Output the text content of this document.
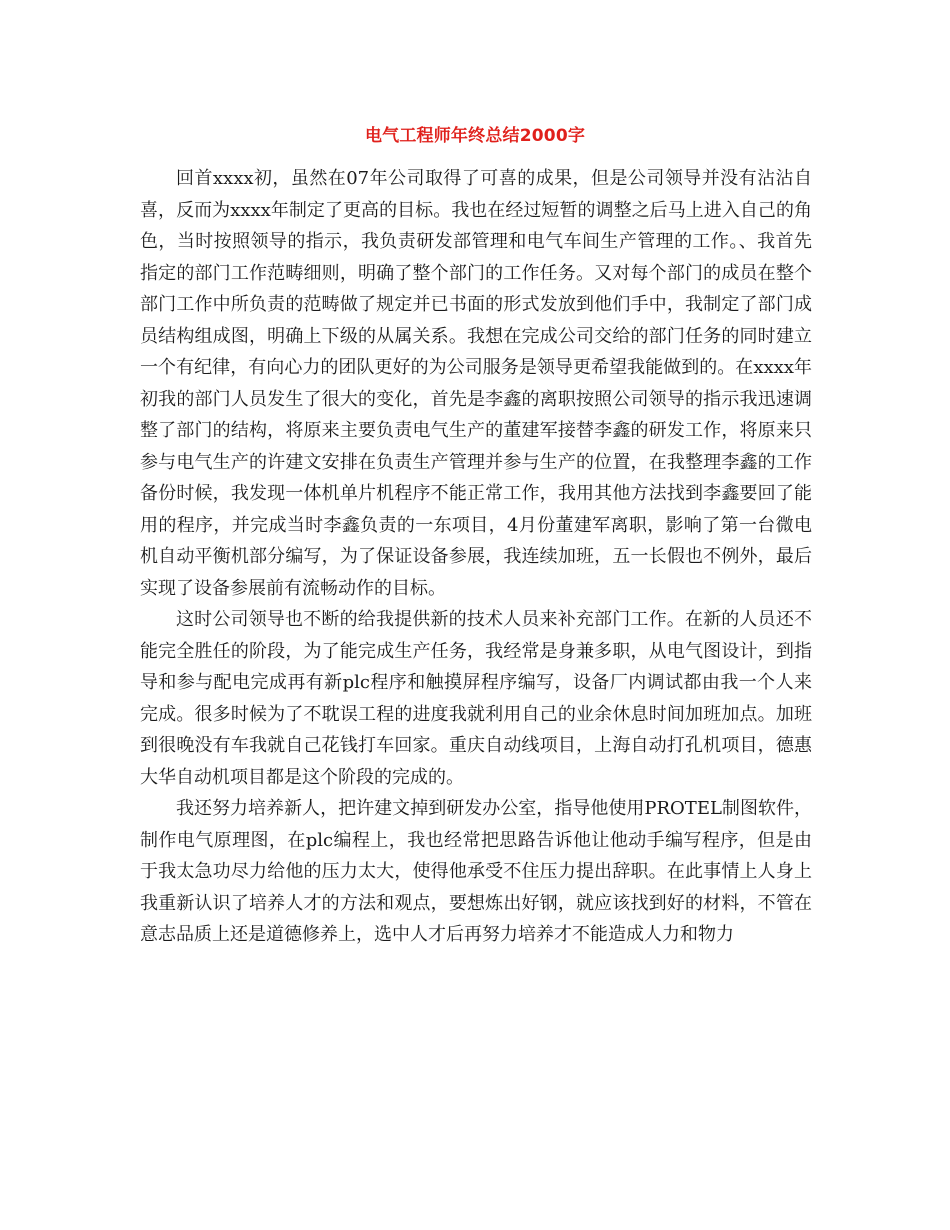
电气工程师年终总结2000字

回首xxxx初，虽然在07年公司取得了可喜的成果，但是公司领导并没有沾沾自喜，反而为xxxx年制定了更高的目标。我也在经过短暂的调整之后马上进入自己的角色，当时按照领导的指示，我负责研发部管理和电气车间生产管理的工作。、我首先指定的部门工作范畴细则，明确了整个部门的工作任务。又对每个部门的成员在整个部门工作中所负责的范畴做了规定并已书面的形式发放到他们手中，我制定了部门成员结构组成图，明确上下级的从属关系。我想在完成公司交给的部门任务的同时建立一个有纪律，有向心力的团队更好的为公司服务是领导更希望我能做到的。在xxxx年初我的部门人员发生了很大的变化，首先是李鑫的离职按照公司领导的指示我迅速调整了部门的结构，将原来主要负责电气生产的董建军接替李鑫的研发工作，将原来只参与电气生产的许建文安排在负责生产管理并参与生产的位置，在我整理李鑫的工作备份时候，我发现一体机单片机程序不能正常工作，我用其他方法找到李鑫要回了能用的程序，并完成当时李鑫负责的一东项目，4月份董建军离职，影响了第一台微电机自动平衡机部分编写，为了保证设备参展，我连续加班，五一长假也不例外，最后实现了设备参展前有流畅动作的目标。

这时公司领导也不断的给我提供新的技术人员来补充部门工作。在新的人员还不能完全胜任的阶段，为了能完成生产任务，我经常是身兼多职，从电气图设计，到指导和参与配电完成再有新plc程序和触摸屏程序编写，设备厂内调试都由我一个人来完成。很多时候为了不耽误工程的进度我就利用自己的业余休息时间加班加点。加班到很晚没有车我就自己花钱打车回家。重庆自动线项目，上海自动打孔机项目，德惠大华自动机项目都是这个阶段的完成的。

我还努力培养新人，把许建文掉到研发办公室，指导他使用PROTEL制图软件，制作电气原理图，在plc编程上，我也经常把思路告诉他让他动手编写程序，但是由于我太急功尽力给他的压力太大，使得他承受不住压力提出辞职。在此事情上人身上我重新认识了培养人才的方法和观点，要想炼出好钢，就应该找到好的材料，不管在意志品质上还是道德修养上，选中人才后再努力培养才不能造成人力和物力
